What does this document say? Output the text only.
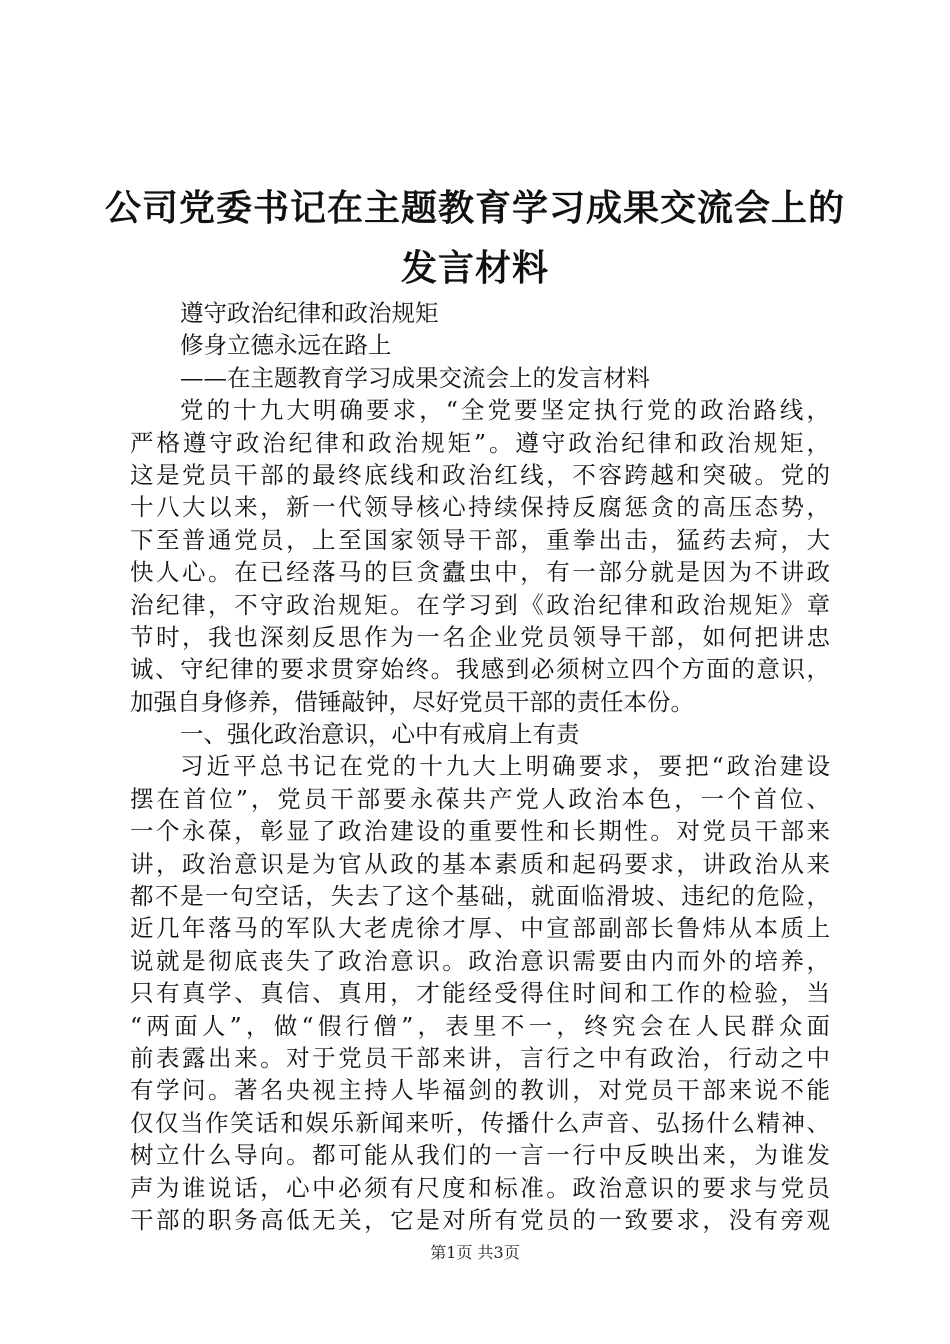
公司党委书记在主题教育学习成果交流会上的
发言材料
遵守政治纪律和政治规矩
修身立德永远在路上
——在主题教育学习成果交流会上的发言材料
党的十九大明确要求，“全党要坚定执行党的政治路线，
严格遵守政治纪律和政治规矩”。遵守政治纪律和政治规矩，
这是党员干部的最终底线和政治红线，不容跨越和突破。党的
十八大以来，新一代领导核心持续保持反腐惩贪的高压态势，
下至普通党员，上至国家领导干部，重拳出击，猛药去疴，大
快人心。在已经落马的巨贪蠹虫中，有一部分就是因为不讲政
治纪律，不守政治规矩。在学习到《政治纪律和政治规矩》章
节时，我也深刻反思作为一名企业党员领导干部，如何把讲忠
诚、守纪律的要求贯穿始终。我感到必须树立四个方面的意识，
加强自身修养，借锤敲钟，尽好党员干部的责任本份。
一、强化政治意识，心中有戒肩上有责
习近平总书记在党的十九大上明确要求，要把“政治建设
摆在首位”，党员干部要永葆共产党人政治本色，一个首位、
一个永葆，彰显了政治建设的重要性和长期性。对党员干部来
讲，政治意识是为官从政的基本素质和起码要求，讲政治从来
都不是一句空话，失去了这个基础，就面临滑坡、违纪的危险，
近几年落马的军队大老虎徐才厚、中宣部副部长鲁炜从本质上
说就是彻底丧失了政治意识。政治意识需要由内而外的培养，
只有真学、真信、真用，才能经受得住时间和工作的检验，当
“两面人”，做“假行僧”，表里不一，终究会在人民群众面
前表露出来。对于党员干部来讲，言行之中有政治，行动之中
有学问。著名央视主持人毕福剑的教训，对党员干部来说不能
仅仅当作笑话和娱乐新闻来听，传播什么声音、弘扬什么精神、
树立什么导向。都可能从我们的一言一行中反映出来，为谁发
声为谁说话，心中必须有尺度和标准。政治意识的要求与党员
干部的职务高低无关，它是对所有党员的一致要求，没有旁观
第1页 共3页
